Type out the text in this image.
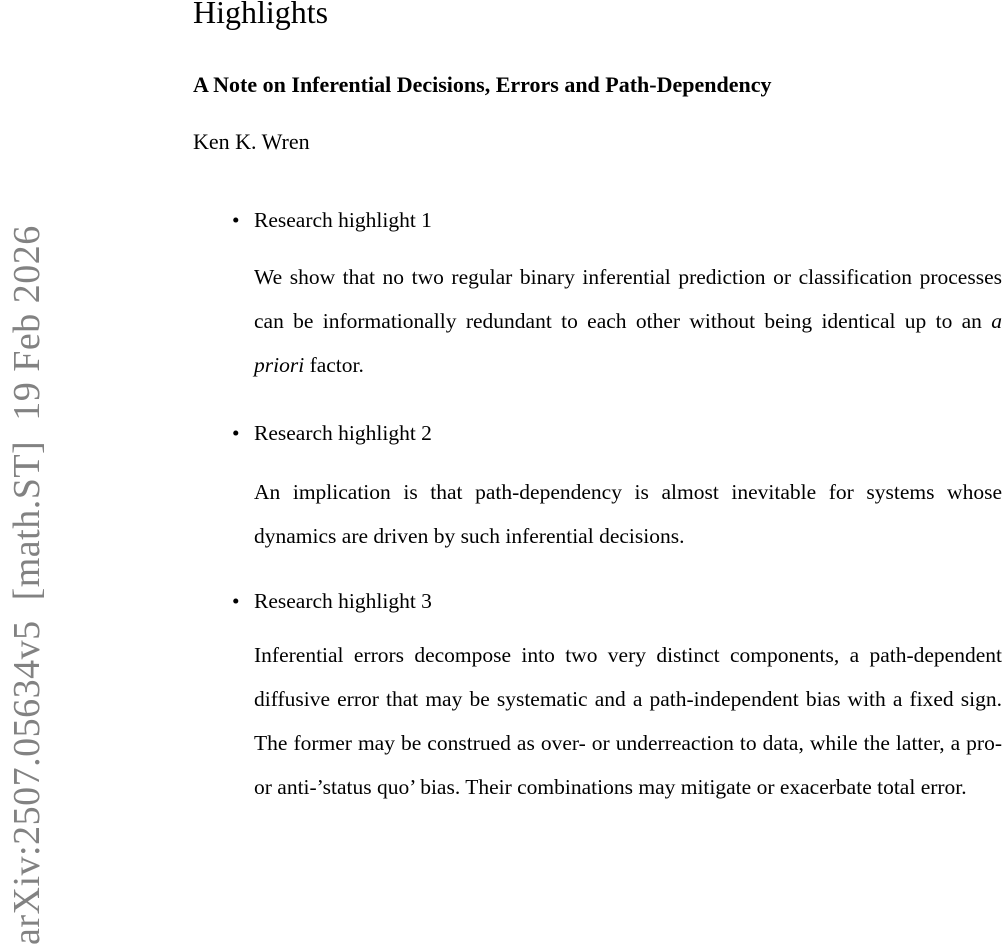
arXiv:2507.05634v5  [math.ST]  19 Feb 2026
Highlights
A Note on Inferential Decisions, Errors and Path-Dependency
Ken K. Wren
• Research highlight 1
We show that no two regular binary inferential prediction or classification processes can be informationally redundant to each other without being identical up to an a priori factor.
• Research highlight 2
An implication is that path-dependency is almost inevitable for systems whose dynamics are driven by such inferential decisions.
• Research highlight 3
Inferential errors decompose into two very distinct components, a path-dependent diffusive error that may be systematic and a path-independent bias with a fixed sign. The former may be construed as over- or underreaction to data, while the latter, a pro- or anti-’status quo’ bias. Their combinations may mitigate or exacerbate total error.
